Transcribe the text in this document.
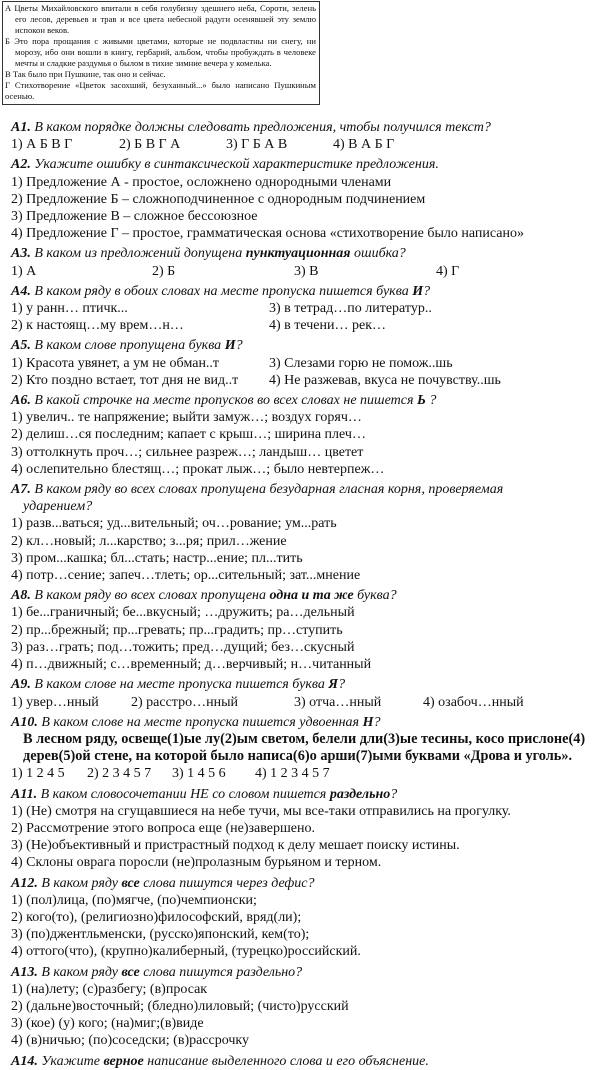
А Цветы Михайловского впитали в себя голубизну здешнего неба, Сороти, зелень его лесов, деревьев и трав и все цвета небесной радуги осенявшей эту землю испокон веков.

Б Это пора прощания с живыми цветами, которые не подвластны ни снегу, ни морозу, ибо они вошли в книгу, гербарий, альбом, чтобы пробуждать в человеке мечты и сладкие раздумья о былом в тихие зимние вечера у комелька.

В Так было при Пушкине, так оно и сейчас.

Г Стихотворение «Цветок засохший, безуханный...» было написано Пушкиным осенью.

А1. В каком порядке должны следовать предложения, чтобы получился текст?
1) А Б В Г	2) Б В Г А	3) Г Б А В	4) В А Б Г
А2. Укажите ошибку в синтаксической характеристике предложения.
1) Предложение А - простое, осложнено однородными членами
2) Предложение Б – сложноподчиненное с однородным подчинением
3) Предложение В – сложное бессоюзное
4) Предложение Г – простое, грамматическая основа «стихотворение было написано»
А3. В каком из предложений допущена пунктуационная ошибка?
1) А	2) Б	3) В	4) Г
А4. В каком ряду в обоих словах на месте пропуска пишется буква И?
1) у ранн… птичк...	3) в тетрад…по литератур..
2) к настоящ…му врем…н…	4) в течени… рек…
А5. В каком слове пропущена буква И?
1) Красота увянет, а ум не обман..т	3) Слезами горю не помож..шь
2) Кто поздно встает, тот дня не вид..т	4) Не разжевав, вкуса не почувству..шь
А6. В какой строчке на месте пропусков во всех словах не пишется Ь ?
1) увелич.. те напряжение; выйти замуж…; воздух горяч…
2) делиш…ся последним; капает с крыш…; ширина плеч…
3) оттолкнуть проч…; сильнее разреж…; ландыш… цветет
4) ослепительно блестящ…; прокат лыж…; было невтерпеж…
А7. В каком ряду во всех словах пропущена безударная гласная корня, проверяемая
ударением?
1) разв...ваться; уд...вительный; оч…рование; ум...рать
2) кл…новый; л...карство; з...ря; прил…жение
3) пром...кашка; бл...стать; настр...ение; пл...тить
4) потр…сение; запеч…тлеть; ор...сительный; зат...мнение
А8. В каком ряду во всех словах пропущена одна и та же буква?
1) бе...граничный; бе...вкусный; …дружить; ра…дельный
2) пр...брежный; пр...гревать; пр...градить; пр…ступить
3) раз…грать; под…тожить; пред…дущий; без…скусный
4) п…движный; с…временный; д…верчивый; н…читанный
А9. В каком слове на месте пропуска пишется буква Я?
1) увер…нный	2) расстро…нный	3) отча…нный	4) озабоч…нный
А10. В каком слове на месте пропуска пишется удвоенная Н?
В лесном ряду, освеще(1)ые лу(2)ым светом, белели дли(3)ые тесины, косо прислоне(4)
дерев(5)ой стене, на которой было написа(6)о арши(7)ыми буквами «Дрова и уголь».
1) 1 2 4 5	2) 2 3 4 5 7	3) 1 4 5 6	4) 1 2 3 4 5 7
А11. В каком словосочетании НЕ со словом пишется раздельно?
1) (Не) смотря на сгущавшиеся на небе тучи, мы все-таки отправились на прогулку.
2) Рассмотрение этого вопроса еще (не)завершено.
3) (Не)объективный и пристрастный подход к делу мешает поиску истины.
4) Склоны оврага поросли (не)пролазным бурьяном и терном.
А12. В каком ряду все слова пишутся через дефис?
1) (пол)лица, (по)мягче, (по)чемпионски;
2) кого(то), (религиозно)философский, вряд(ли);
3) (по)джентльменски, (русско)японский, кем(то);
4) оттого(что), (крупно)калиберный, (турецко)российский.
А13. В каком ряду все слова пишутся раздельно?
1) (на)лету; (с)разбегу; (в)просак
2) (дальне)восточный; (бледно)лиловый; (чисто)русский
3) (кое) (у) кого; (на)миг;(в)виде
4) (в)ничью; (по)соседски; (в)рассрочку
А14. Укажите верное написание выделенного слова и его объяснение.
